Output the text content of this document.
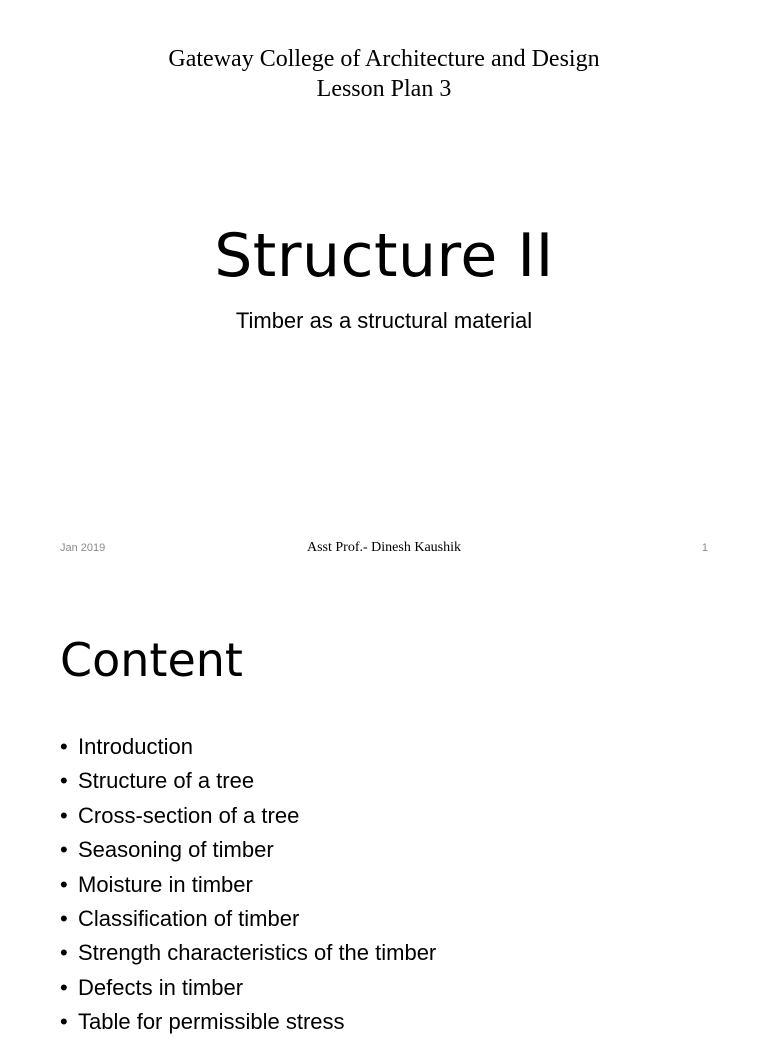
Gateway College of Architecture and Design
Lesson Plan 3
Structure II
Timber as a structural material
Jan 2019	Asst Prof.- Dinesh Kaushik	1
Content
• Introduction
• Structure of a tree
• Cross-section of a tree
• Seasoning of timber
• Moisture in timber
• Classification of timber
• Strength characteristics of the timber
• Defects in timber
• Table for permissible stress
